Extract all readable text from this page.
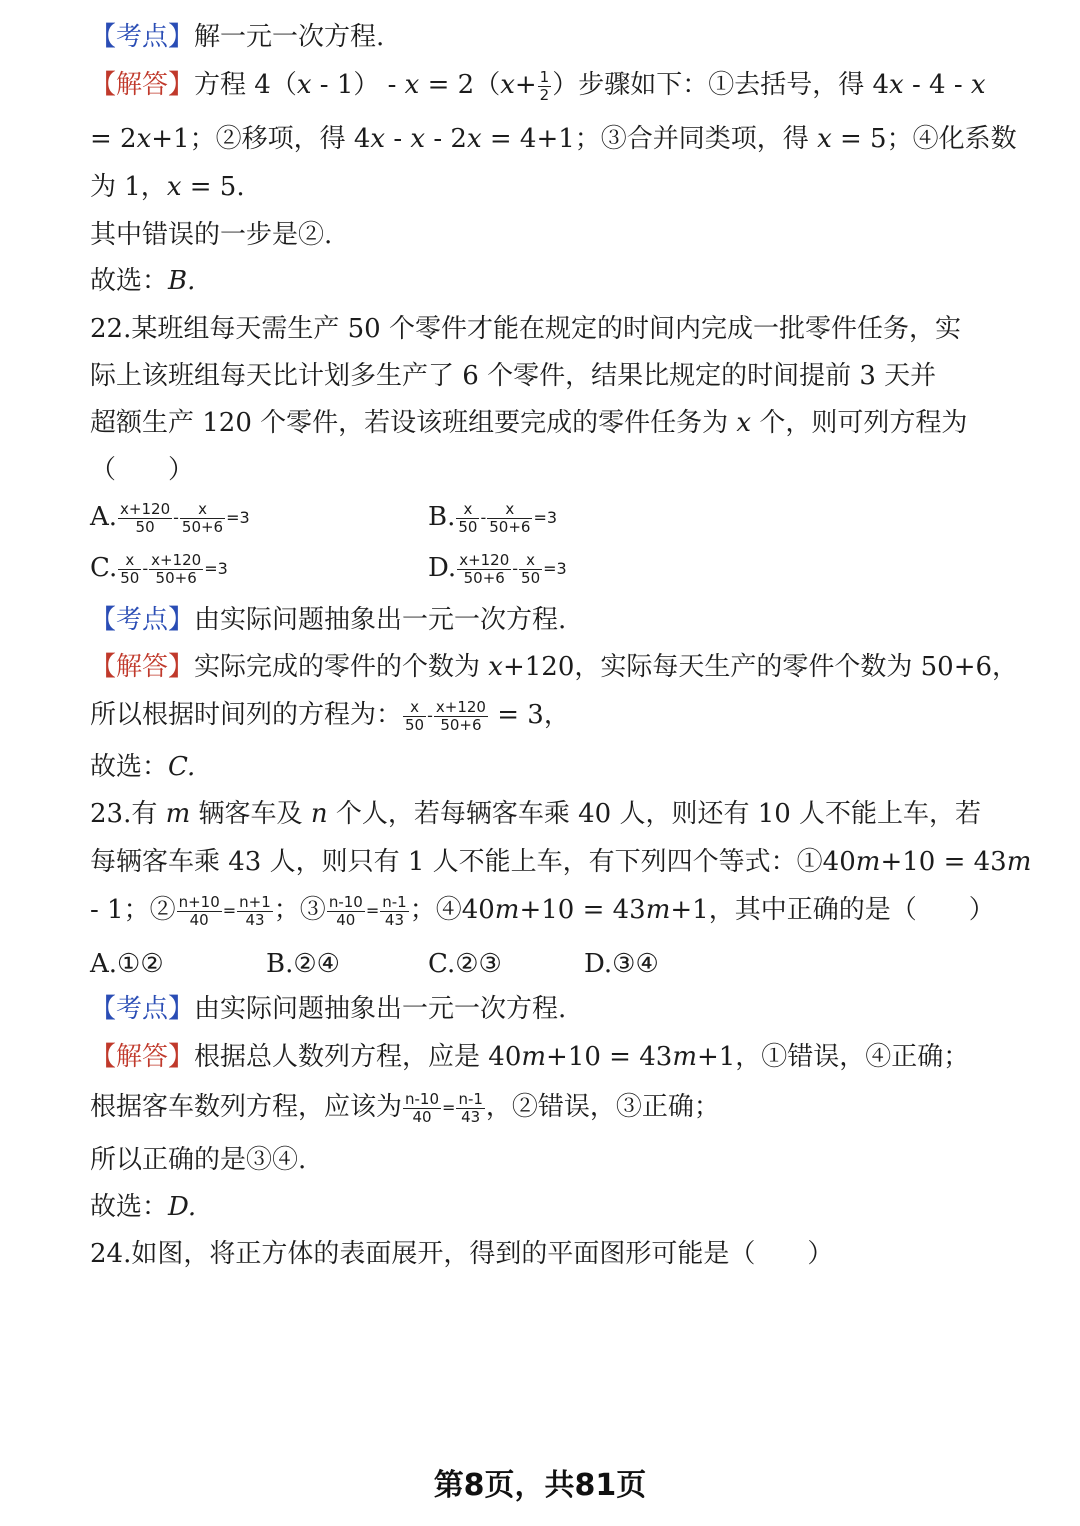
【考点】解一元一次方程.
【解答】方程 $4(x - 1) - x = 2(x+ \frac{1}{2}$ ）步骤如下：①去括号，得 4x - 4 - x
= 2x+1；②移项，得 4x - x - 2x = 4+1；③合并同类项，得 x = 5；④化系数
为 1，x = 5.
其中错误的一步是②.
故选：B.
22.某班组每天需生产 50 个零件才能在规定的时间内完成一批零件任务，实
际上该班组每天比计划多生产了 6 个零件，结果比规定的时间提前 3 天并
超额生产 120 个零件，若设该班组要完成的零件任务为 x 个，则可列方程为
（　　）
A. $\frac{x+120}{50} - \frac{x}{50+6} =3$	B. $\frac{x}{50} - \frac{x}{50+6} =3$
C. $\frac{x}{50} - \frac{x+120}{50+6} =3$	D. $\frac{x+120}{50+6} - \frac{x}{50} =3$
【考点】由实际问题抽象出一元一次方程.
【解答】实际完成的零件的个数为 x+120，实际每天生产的零件个数为 50+6，
所以根据时间列的方程为： $\frac{x}{50} - \frac{x+120}{50+6} = 3$，
故选：C.
23.有 m 辆客车及 n 个人，若每辆客车乘 40 人，则还有 10 人不能上车，若
每辆客车乘 43 人，则只有 1 人不能上车，有下列四个等式：①40m+10 = 43m
- 1；② $\frac{n+10}{40} = \frac{n+1}{43}$ ；③ $\frac{n-10}{40} = \frac{n-1}{43}$ ；④40m+10 = 43m+1，其中正确的是（　　）
A.①②	B.②④	C.②③	D.③④
【考点】由实际问题抽象出一元一次方程.
【解答】根据总人数列方程，应是 40m+10 = 43m+1，①错误，④正确；
根据客车数列方程，应该为 $\frac{n-10}{40} = \frac{n-1}{43}$ ，②错误，③正确；
所以正确的是③④.
故选：D.
24.如图，将正方体的表面展开，得到的平面图形可能是（　　）
第8页，共81页
